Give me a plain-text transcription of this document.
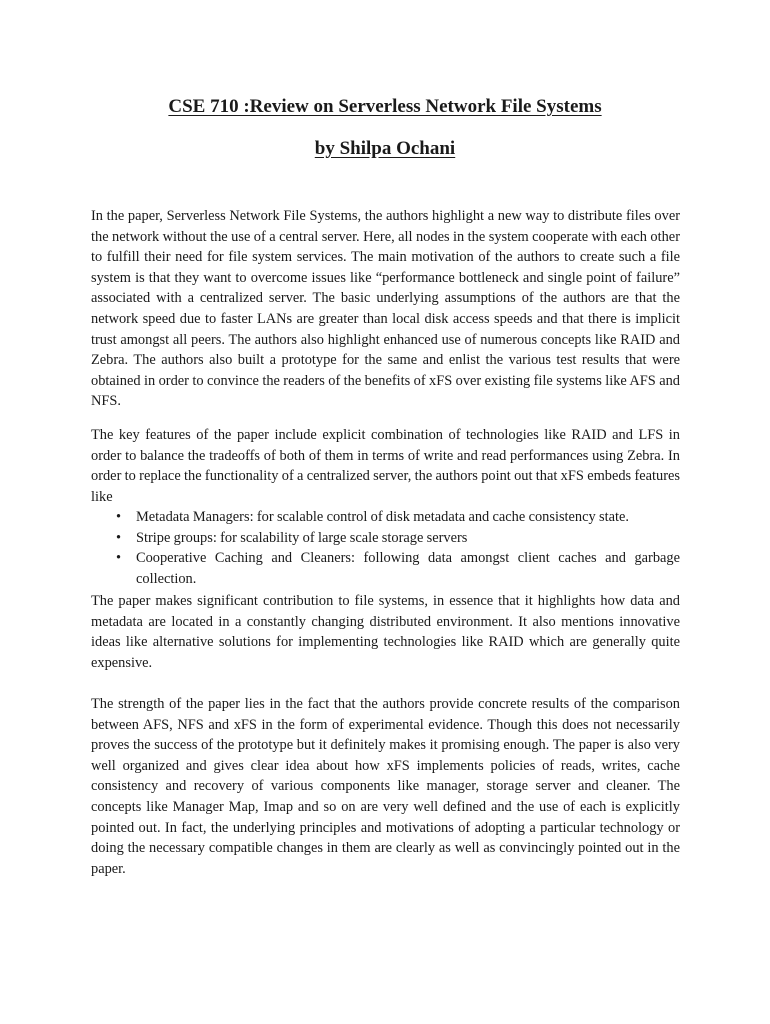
CSE 710 :Review on Serverless Network File Systems
by Shilpa Ochani

In the paper, Serverless Network File Systems, the authors highlight a new way to distribute files over the network without the use of a central server. Here, all nodes in the system cooperate with each other to fulfill their need for file system services. The main motivation of the authors to create such a file system is that they want to overcome issues like “performance bottleneck and single point of failure” associated with a centralized server. The basic underlying assumptions of the authors are that the network speed due to faster LANs are greater than local disk access speeds and that there is implicit trust amongst all peers. The authors also highlight enhanced use of numerous concepts like RAID and Zebra. The authors also built a prototype for the same and enlist the various test results that were obtained in order to convince the readers of the benefits of xFS over existing file systems like AFS and NFS.

The key features of the paper include explicit combination of technologies like RAID and LFS in order to balance the tradeoffs of both of them in terms of write and read performances using Zebra. In order to replace the functionality of a centralized server, the authors point out that xFS embeds features like

• Metadata Managers: for scalable control of disk metadata and cache consistency state.
• Stripe groups: for scalability of large scale storage servers
• Cooperative Caching and Cleaners: following data amongst client caches and garbage collection.

The paper makes significant contribution to file systems, in essence that it highlights how data and metadata are located in a constantly changing distributed environment. It also mentions innovative ideas like alternative solutions for implementing technologies like RAID which are generally quite expensive.

The strength of the paper lies in the fact that the authors provide concrete results of the comparison between AFS, NFS and xFS in the form of experimental evidence. Though this does not necessarily proves the success of the prototype but it definitely makes it promising enough. The paper is also very well organized and gives clear idea about how xFS implements policies of reads, writes, cache consistency and recovery of various components like manager, storage server and cleaner. The concepts like Manager Map, Imap and so on are very well defined and the use of each is explicitly pointed out. In fact, the underlying principles and motivations of adopting a particular technology or doing the necessary compatible changes in them are clearly as well as convincingly pointed out in the paper.
